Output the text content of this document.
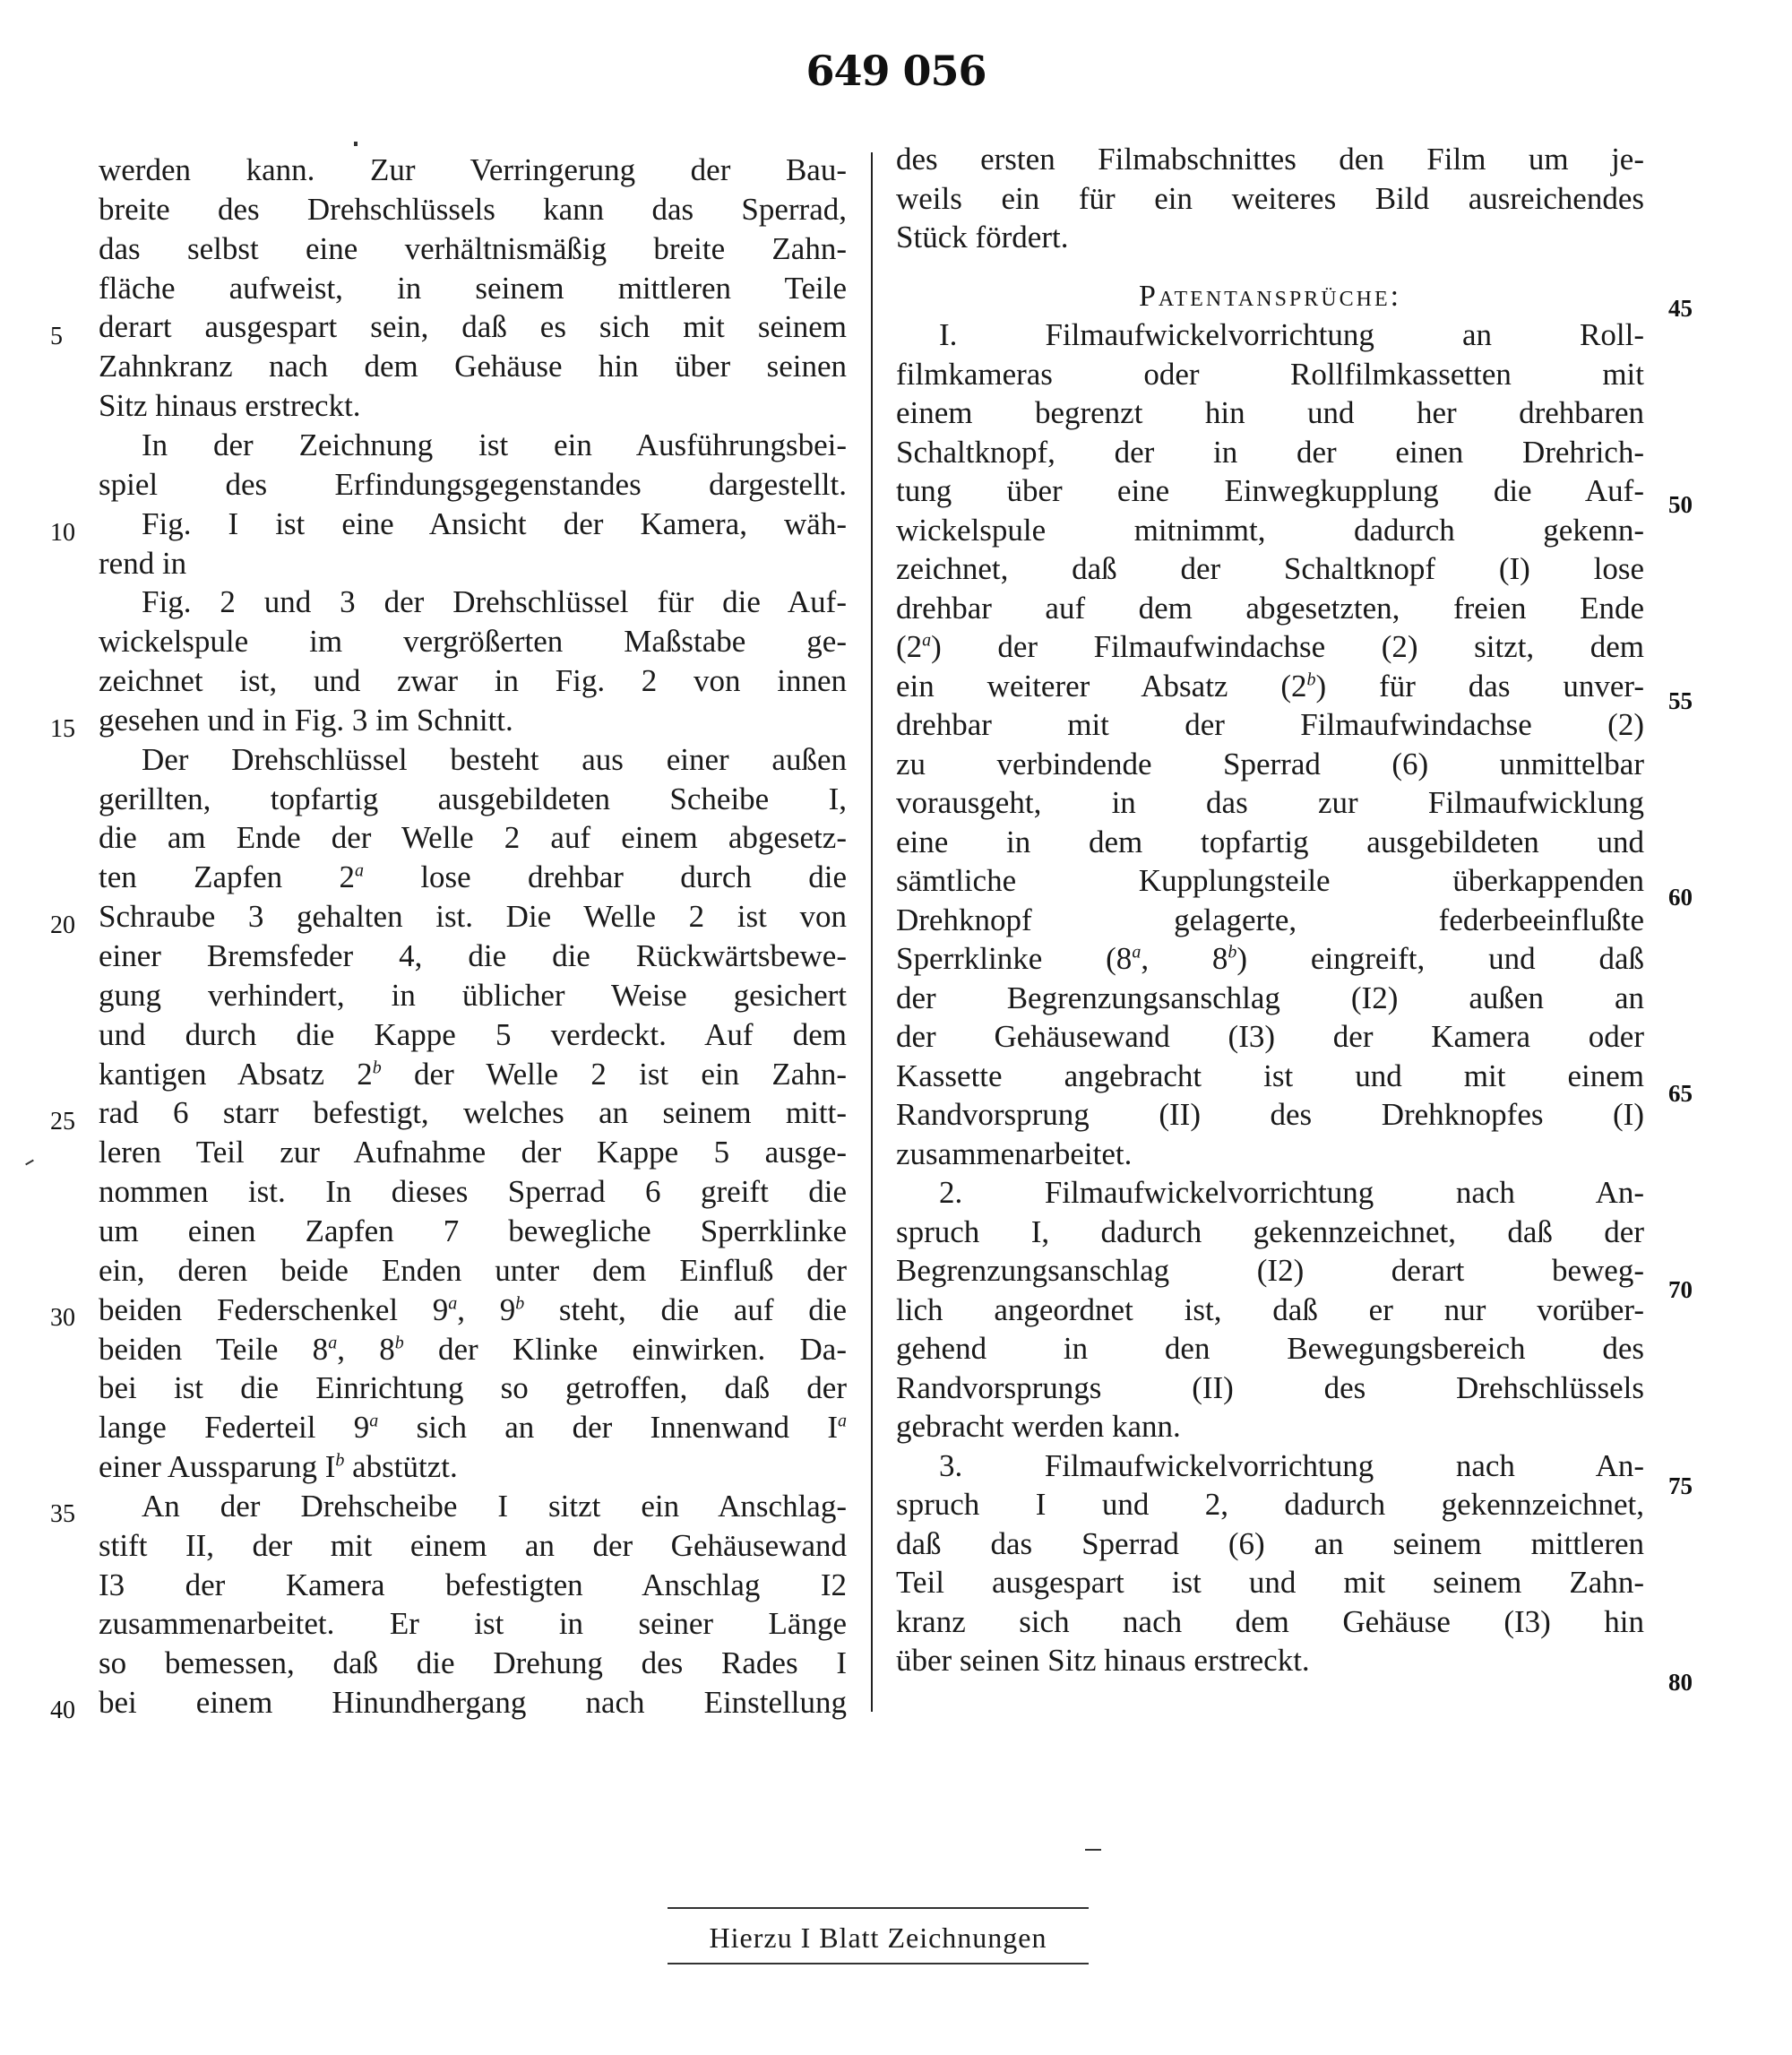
649 056
werden kann. Zur Verringerung der Bau-
breite des Drehschlüssels kann das Sperrad,
das selbst eine verhältnismäßig breite Zahn-
fläche aufweist, in seinem mittleren Teile
derart ausgespart sein, daß es sich mit seinem
Zahnkranz nach dem Gehäuse hin über seinen
Sitz hinaus erstreckt.
In der Zeichnung ist ein Ausführungsbei-
spiel des Erfindungsgegenstandes dargestellt.
Fig. I ist eine Ansicht der Kamera, wäh-
rend in
Fig. 2 und 3 der Drehschlüssel für die Auf-
wickelspule im vergrößerten Maßstabe ge-
zeichnet ist, und zwar in Fig. 2 von innen
gesehen und in Fig. 3 im Schnitt.
Der Drehschlüssel besteht aus einer außen
gerillten, topfartig ausgebildeten Scheibe I,
die am Ende der Welle 2 auf einem abgesetz-
ten Zapfen 2$^a$ lose drehbar durch die
Schraube 3 gehalten ist. Die Welle 2 ist von
einer Bremsfeder 4, die die Rückwärtsbewe-
gung verhindert, in üblicher Weise gesichert
und durch die Kappe 5 verdeckt. Auf dem
kantigen Absatz 2$^b$ der Welle 2 ist ein Zahn-
rad 6 starr befestigt, welches an seinem mitt-
leren Teil zur Aufnahme der Kappe 5 ausge-
nommen ist. In dieses Sperrad 6 greift die
um einen Zapfen 7 bewegliche Sperrklinke
ein, deren beide Enden unter dem Einfluß der
beiden Federschenkel 9$^a$, 9$^b$ steht, die auf die
beiden Teile 8$^a$, 8$^b$ der Klinke einwirken. Da-
bei ist die Einrichtung so getroffen, daß der
lange Federteil 9$^a$ sich an der Innenwand $I^a$
einer Aussparung $I^b$ abstützt.
An der Drehscheibe I sitzt ein Anschlag-
stift II, der mit einem an der Gehäusewand
I3 der Kamera befestigten Anschlag I2
zusammenarbeitet. Er ist in seiner Länge
so bemessen, daß die Drehung des Rades I
bei einem Hinundhergang nach Einstellung
5
10
15
20
25
30
35
40
des ersten Filmabschnittes den Film um je-
weils ein für ein weiteres Bild ausreichendes
Stück fördert.
Patentansprüche:
I. Filmaufwickelvorrichtung an Roll-
filmkameras oder Rollfilmkassetten mit
einem begrenzt hin und her drehbaren
Schaltknopf, der in der einen Drehrich-
tung über eine Einwegkupplung die Auf-
wickelspule mitnimmt, dadurch gekenn-
zeichnet, daß der Schaltknopf (I) lose
drehbar auf dem abgesetzten, freien Ende
(2$^a$) der Filmaufwindachse (2) sitzt, dem
ein weiterer Absatz (2$^b$) für das unver-
drehbar mit der Filmaufwindachse (2)
zu verbindende Sperrad (6) unmittelbar
vorausgeht, in das zur Filmaufwicklung
eine in dem topfartig ausgebildeten und
sämtliche Kupplungsteile überkappenden
Drehknopf gelagerte, federbeeinflußte
Sperrklinke (8$^a$, 8$^b$) eingreift, und daß
der Begrenzungsanschlag (I2) außen an
der Gehäusewand (I3) der Kamera oder
Kassette angebracht ist und mit einem
Randvorsprung (II) des Drehknopfes (I)
zusammenarbeitet.
2. Filmaufwickelvorrichtung nach An-
spruch I, dadurch gekennzeichnet, daß der
Begrenzungsanschlag (I2) derart beweg-
lich angeordnet ist, daß er nur vorüber-
gehend in den Bewegungsbereich des
Randvorsprungs (II) des Drehschlüssels
gebracht werden kann.
3. Filmaufwickelvorrichtung nach An-
spruch I und 2, dadurch gekennzeichnet,
daß das Sperrad (6) an seinem mittleren
Teil ausgespart ist und mit seinem Zahn-
kranz sich nach dem Gehäuse (I3) hin
über seinen Sitz hinaus erstreckt.
45
50
55
60
65
70
75
80
Hierzu I Blatt Zeichnungen
